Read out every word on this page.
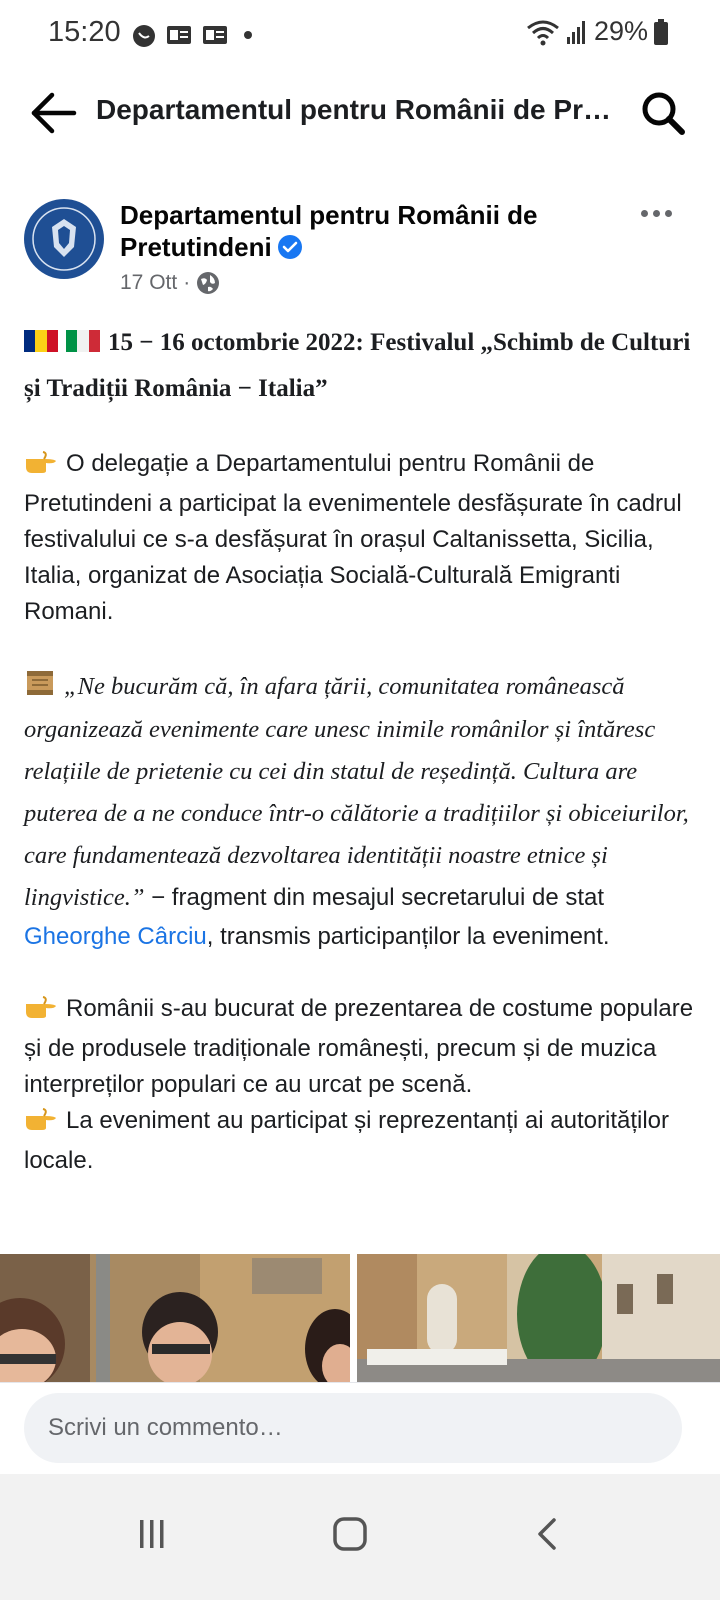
15:20	29%
Departamentul pentru Românii de Pr…
Departamentul pentru Românii de Pretutindeni
17 Ott ·

15 − 16 octombrie 2022: Festivalul „Schimb de Culturi și Tradiții România − Italia”

O delegație a Departamentului pentru Românii de Pretutindeni a participat la evenimentele desfășurate în cadrul festivalului ce s-a desfășurat în orașul Caltanissetta, Sicilia, Italia, organizat de Asociația Socială-Culturală Emigranti Romani.

„Ne bucurăm că, în afara țării, comunitatea românească organizează evenimente care unesc inimile românilor și întăresc relațiile de prietenie cu cei din statul de reședință. Cultura are puterea de a ne conduce într-o călătorie a tradițiilor și obiceiurilor, care fundamentează dezvoltarea identității noastre etnice și lingvistice.” − fragment din mesajul secretarului de stat Gheorghe Cârciu, transmis participanților la eveniment.

Românii s-au bucurat de prezentarea de costume populare și de produsele tradiționale românești, precum și de muzica interpreților populari ce au urcat pe scenă.

La eveniment au participat și reprezentanți ai autorităților locale.

Scrivi un commento…
